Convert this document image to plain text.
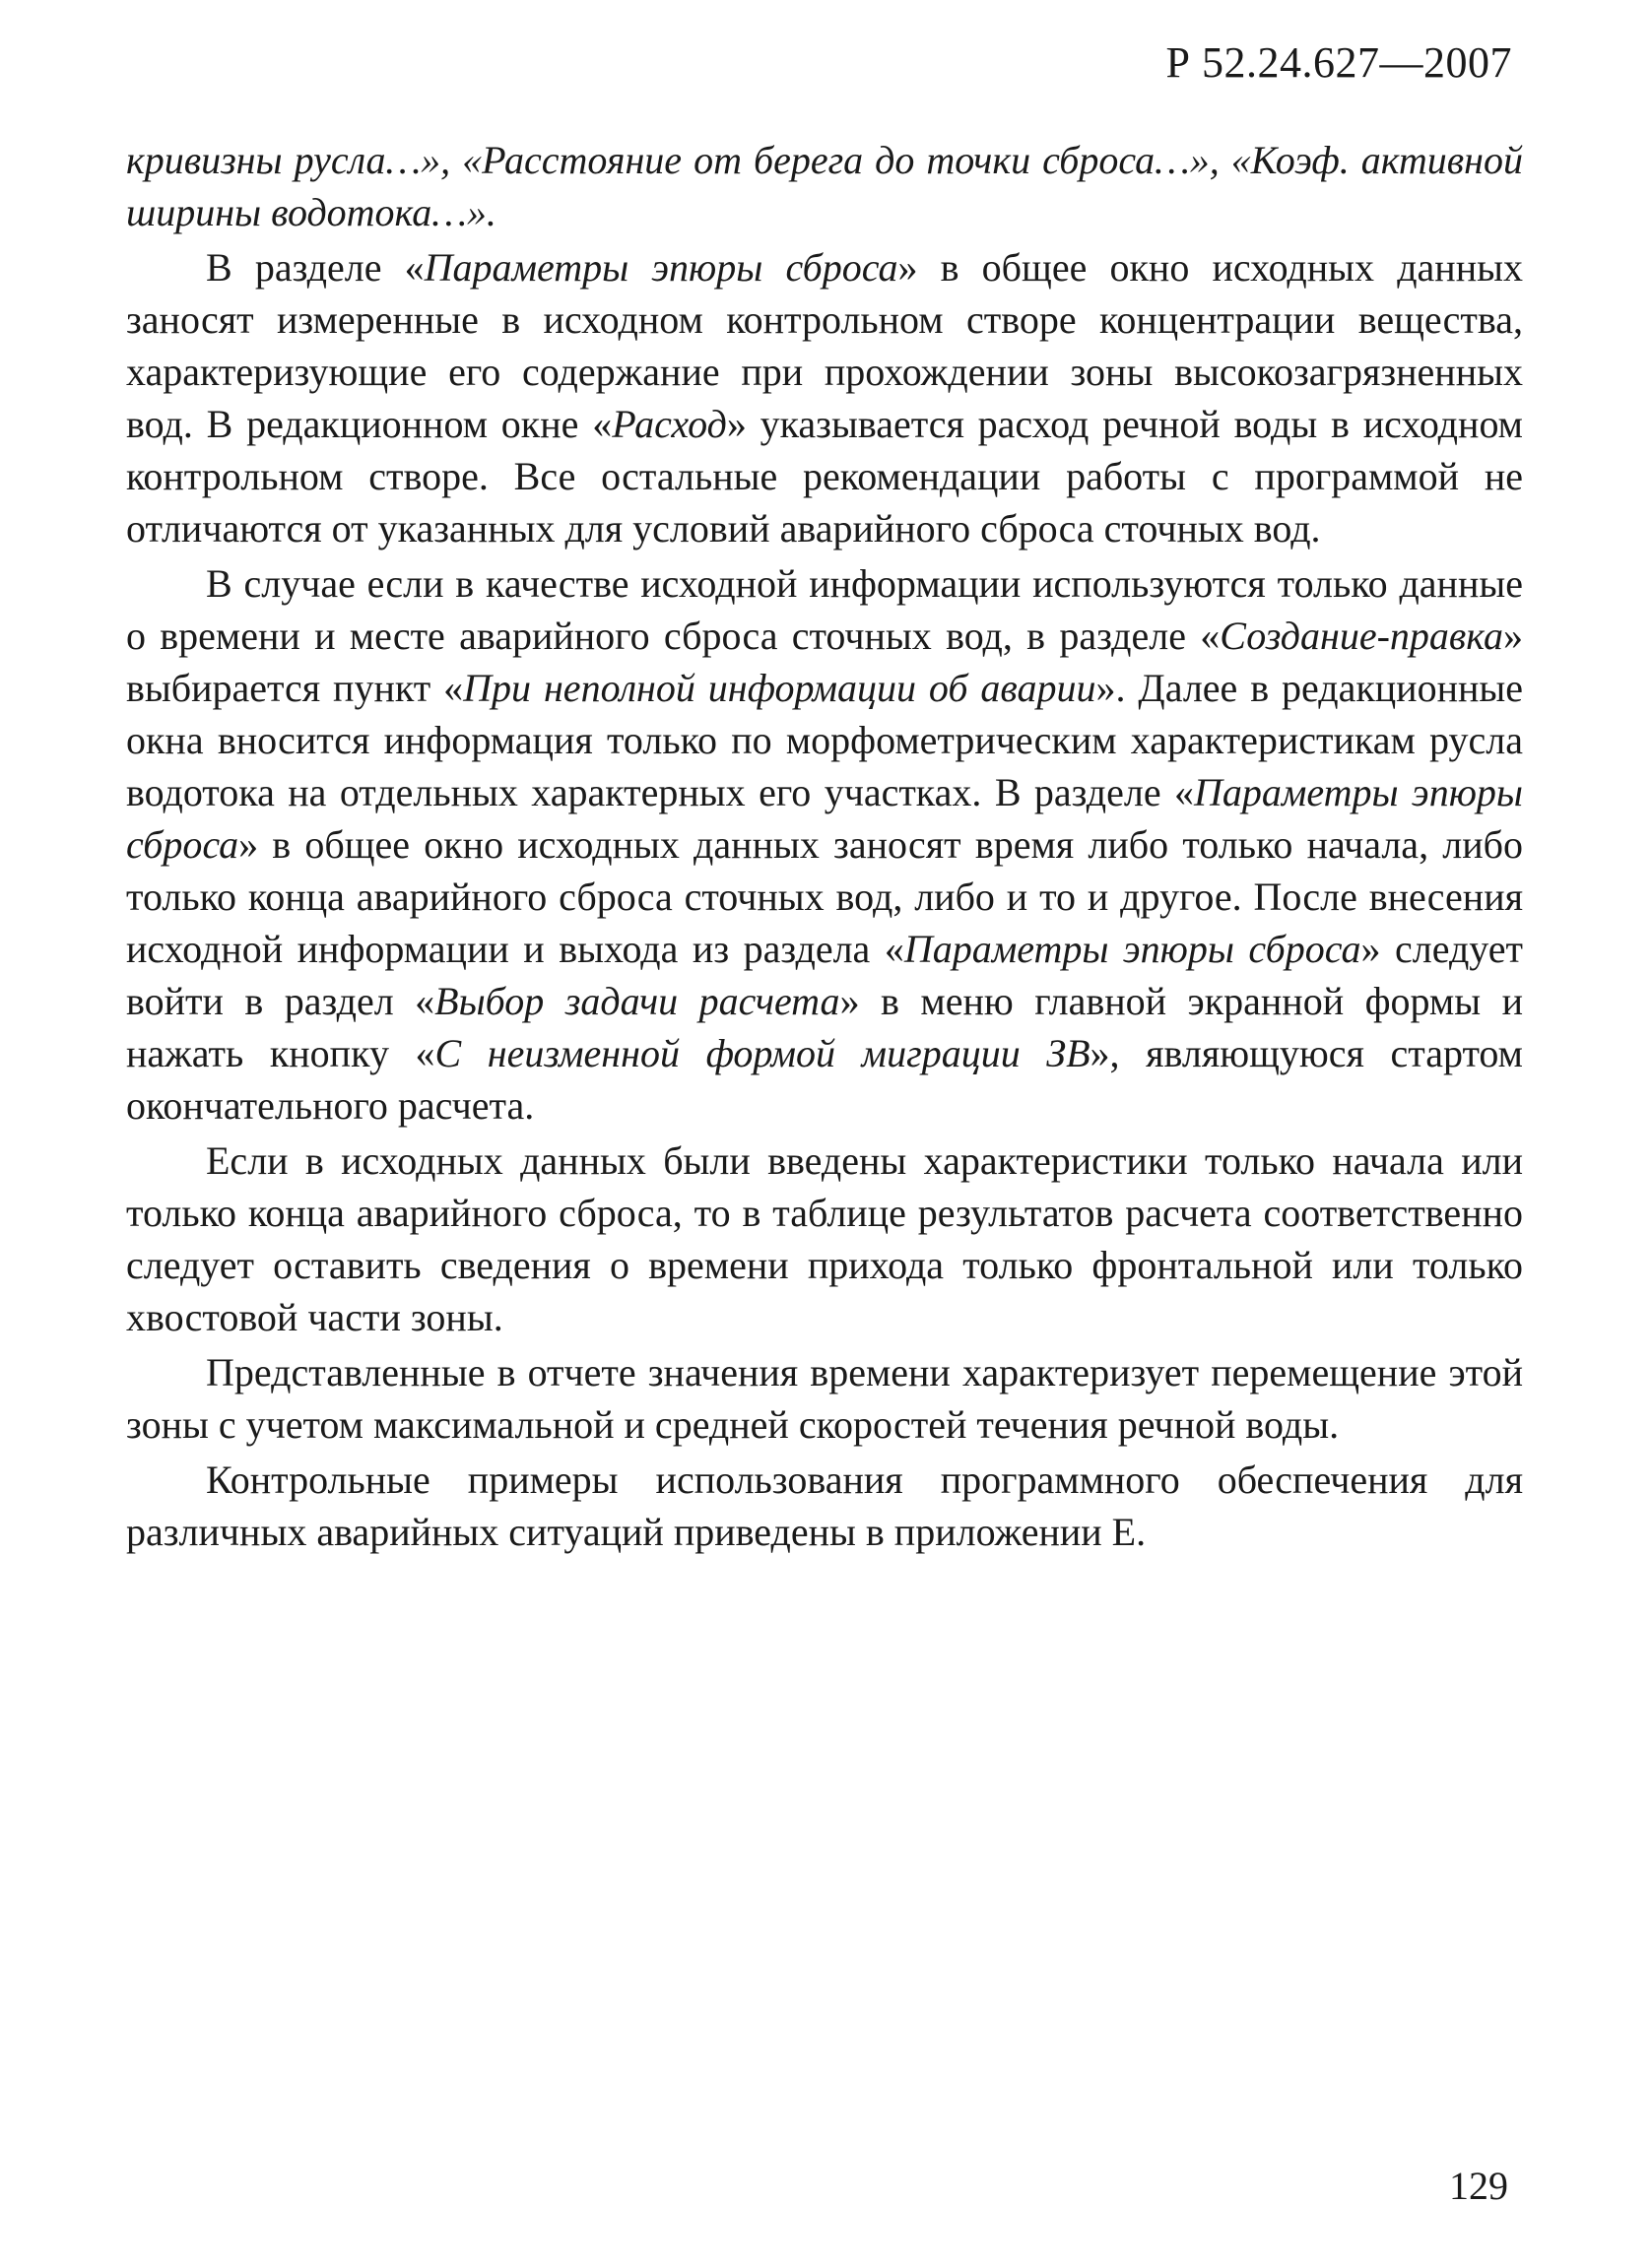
Р 52.24.627—2007

кривизны русла…», «Расстояние от берега до точки сброса…», «Коэф. активной ширины водотока…».

В разделе «Параметры эпюры сброса» в общее окно исходных данных заносят измеренные в исходном контрольном створе концентрации вещества, характеризующие его содержание при прохождении зоны высокозагрязненных вод. В редакционном окне «Расход» указывается расход речной воды в исходном контрольном створе. Все остальные рекомендации работы с программой не отличаются от указанных для условий аварийного сброса сточных вод.

В случае если в качестве исходной информации используются только данные о времени и месте аварийного сброса сточных вод, в разделе «Создание-правка» выбирается пункт «При неполной информации об аварии». Далее в редакционные окна вносится информация только по морфометрическим характеристикам русла водотока на отдельных характерных его участках. В разделе «Параметры эпюры сброса» в общее окно исходных данных заносят время либо только начала, либо только конца аварийного сброса сточных вод, либо и то и другое. После внесения исходной информации и выхода из раздела «Параметры эпюры сброса» следует войти в раздел «Выбор задачи расчета» в меню главной экранной формы и нажать кнопку «С неизменной формой миграции ЗВ», являющуюся стартом окончательного расчета.

Если в исходных данных были введены характеристики только начала или только конца аварийного сброса, то в таблице результатов расчета соответственно следует оставить сведения о времени прихода только фронтальной или только хвостовой части зоны.

Представленные в отчете значения времени характеризует перемещение этой зоны с учетом максимальной и средней скоростей течения речной воды.

Контрольные примеры использования программного обеспечения для различных аварийных ситуаций приведены в приложении Е.

129
